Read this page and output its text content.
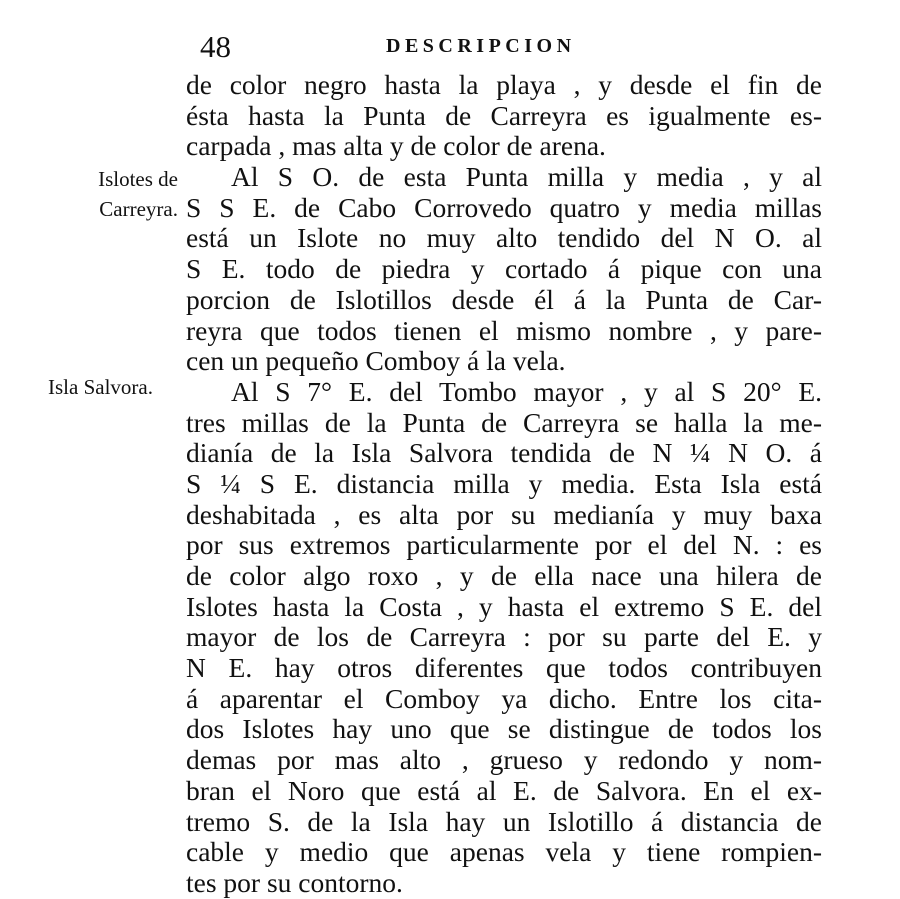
48	DESCRIPCION
Islotes de
Carreyra.
Isla Salvora.
de color negro hasta la playa , y desde el fin de
ésta hasta la Punta de Carreyra es igualmente es-
carpada , mas alta y de color de arena.
Al S O. de esta Punta milla y media , y al
S S E. de Cabo Corrovedo quatro y media millas
está un Islote no muy alto tendido del N O. al
S E. todo de piedra y cortado á pique con una
porcion de Islotillos desde él á la Punta de Car-
reyra que todos tienen el mismo nombre , y pare-
cen un pequeño Comboy á la vela.
Al S 7° E. del Tombo mayor , y al S 20° E.
tres millas de la Punta de Carreyra se halla la me-
dianía de la Isla Salvora tendida de N ¼ N O. á
S ¼ S E. distancia milla y media. Esta Isla está
deshabitada , es alta por su medianía y muy baxa
por sus extremos particularmente por el del N. : es
de color algo roxo , y de ella nace una hilera de
Islotes hasta la Costa , y hasta el extremo S E. del
mayor de los de Carreyra : por su parte del E. y
N E. hay otros diferentes que todos contribuyen
á aparentar el Comboy ya dicho. Entre los cita-
dos Islotes hay uno que se distingue de todos los
demas por mas alto , grueso y redondo y nom-
bran el Noro que está al E. de Salvora. En el ex-
tremo S. de la Isla hay un Islotillo á distancia de
cable y medio que apenas vela y tiene rompien-
tes por su contorno.
